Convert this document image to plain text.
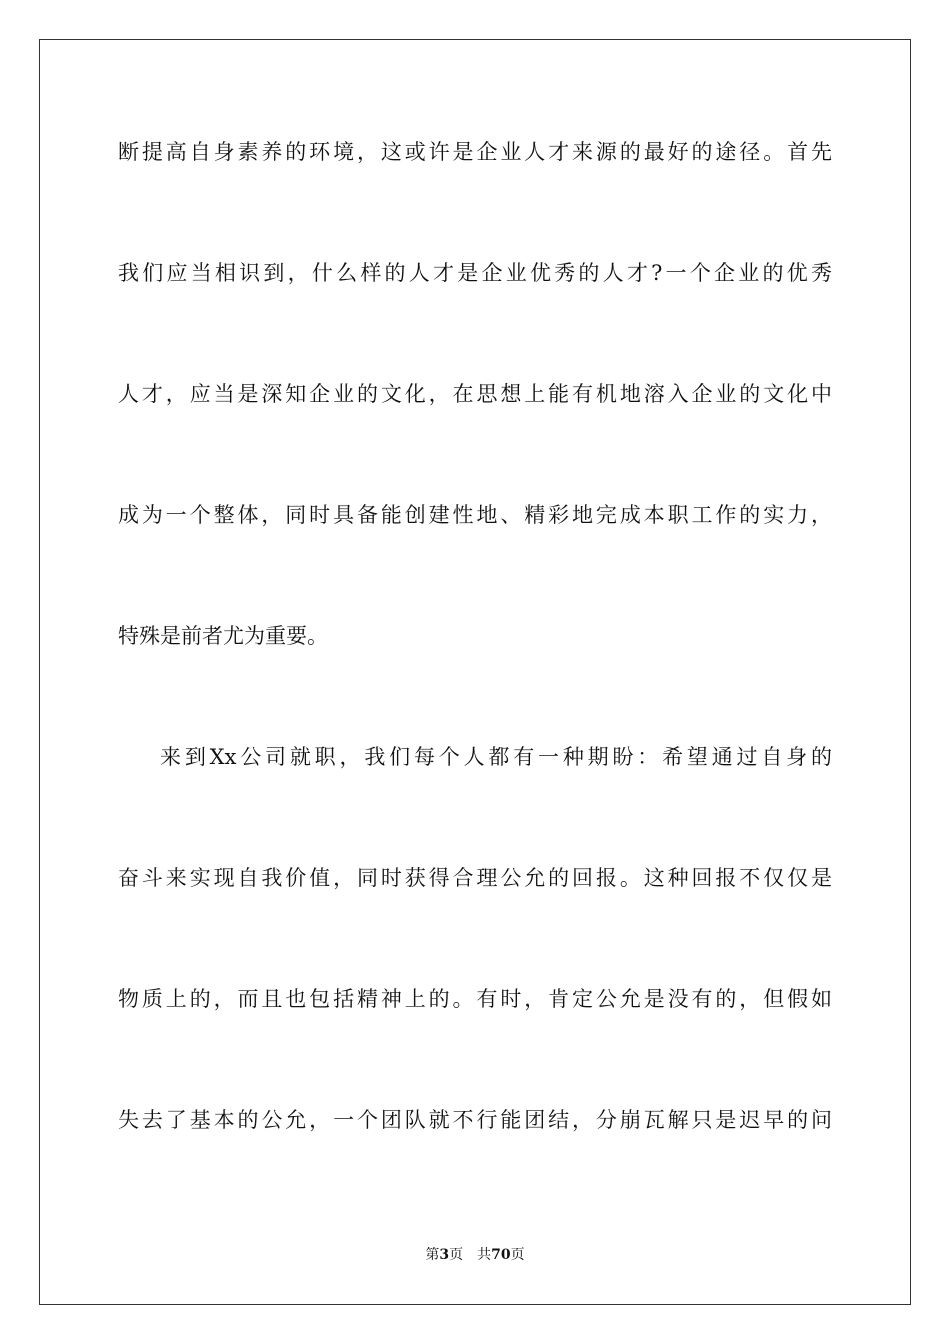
断提高自身素养的环境，这或许是企业人才来源的最好的途径。首先
我们应当相识到，什么样的人才是企业优秀的人才?一个企业的优秀
人才，应当是深知企业的文化，在思想上能有机地溶入企业的文化中
成为一个整体，同时具备能创建性地、精彩地完成本职工作的实力，
特殊是前者尤为重要。
来到Xx公司就职，我们每个人都有一种期盼：希望通过自身的
奋斗来实现自我价值，同时获得合理公允的回报。这种回报不仅仅是
物质上的，而且也包括精神上的。有时，肯定公允是没有的，但假如
失去了基本的公允，一个团队就不行能团结，分崩瓦解只是迟早的问
第3页 共70页
